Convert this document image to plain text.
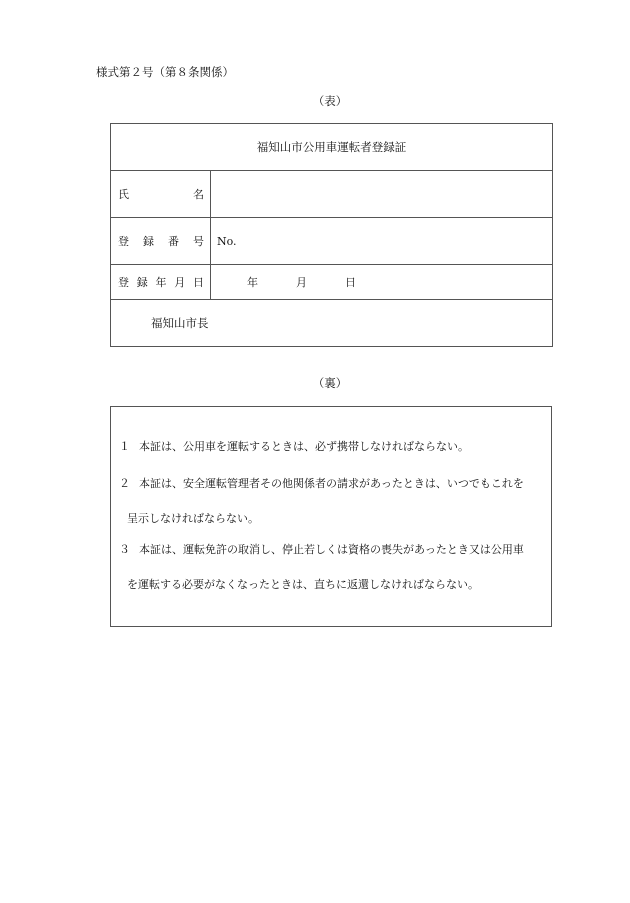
様式第２号（第８条関係）
（表）
福知山市公用車運転者登録証	

氏 名	

登 録 番 号	No.

登 録 年 月 日	年 月 日

福知山市長	
（裏）
１ 本証は、公用車を運転するときは、必ず携帯しなければならない。
２ 本証は、安全運転管理者その他関係者の請求があったときは、いつでもこれを
呈示しなければならない。
３ 本証は、運転免許の取消し、停止若しくは資格の喪失があったとき又は公用車
を運転する必要がなくなったときは、直ちに返還しなければならない。
